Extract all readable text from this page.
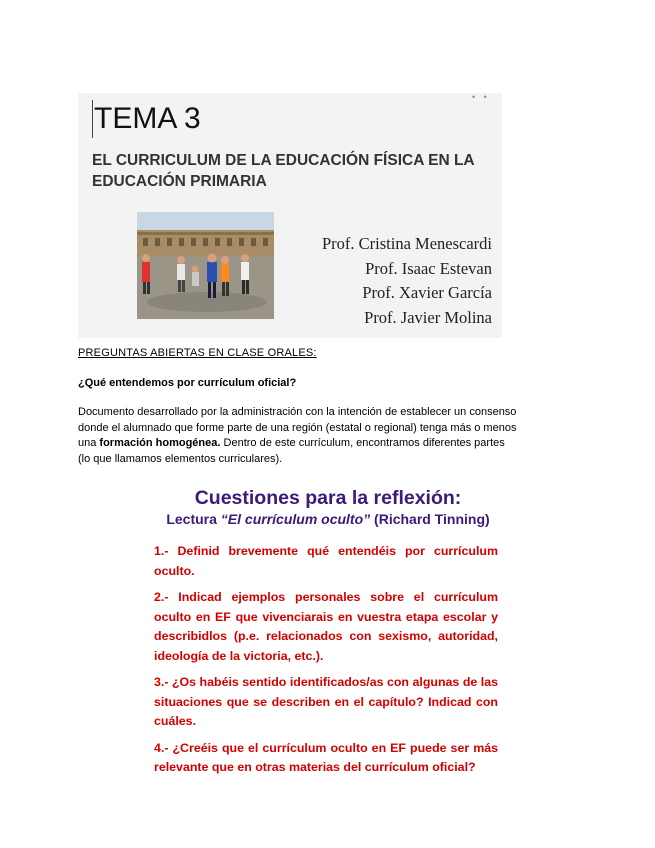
• •
TEMA 3
EL CURRICULUM DE LA EDUCACIÓN FÍSICA EN LA EDUCACIÓN PRIMARIA
Prof. Cristina Menescardi
Prof. Isaac Estevan
Prof. Xavier García
Prof. Javier Molina
PREGUNTAS ABIERTAS EN CLASE ORALES:
¿Qué entendemos por currículum oficial?
Documento desarrollado por la administración con la intención de establecer un consenso donde el alumnado que forme parte de una región (estatal o regional) tenga más o menos una formación homogénea. Dentro de este currículum, encontramos diferentes partes (lo que llamamos elementos curriculares).
Cuestiones para la reflexión:
Lectura “El currículum oculto” (Richard Tinning)

1.- Definid brevemente qué entendéis por currículum oculto.

2.- Indicad ejemplos personales sobre el currículum oculto en EF que vivenciarais en vuestra etapa escolar y describidlos (p.e. relacionados con sexismo, autoridad, ideología de la victoria, etc.).

3.- ¿Os habéis sentido identificados/as con algunas de las situaciones que se describen en el capítulo? Indicad con cuáles.

4.- ¿Creéis que el currículum oculto en EF puede ser más relevante que en otras materias del currículum oficial?
